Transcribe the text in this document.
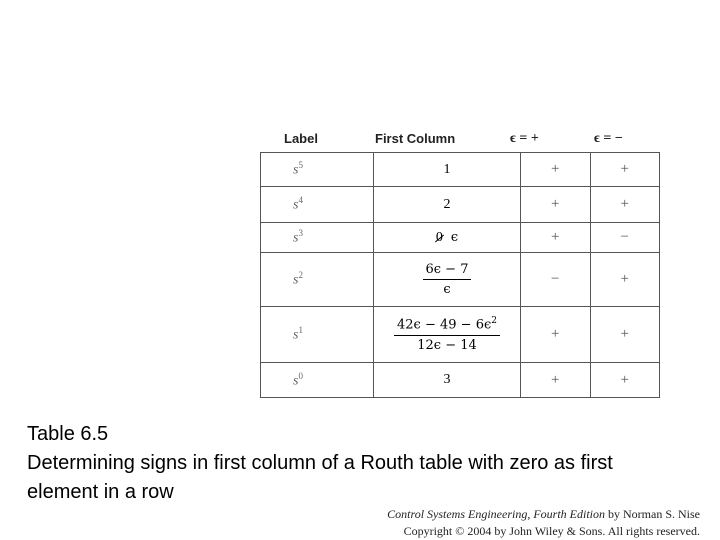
Label	First Column	ϵ = +	ϵ = −
$s^5$	1	+	+
$s^4$	2	+	+
$s^3$	0 ϵ	+	−
$s^2$	$\frac{6\epsilon - 7}{\epsilon}$	−	+
$s^1$	$\frac{42\epsilon - 49 - 6\epsilon^2}{12\epsilon - 14}$	+	+
$s^0$	3	+	+
Table 6.5
Determining signs in first column of a Routh table with zero as first element in a row
Control Systems Engineering, Fourth Edition by Norman S. Nise
Copyright © 2004 by John Wiley & Sons. All rights reserved.
